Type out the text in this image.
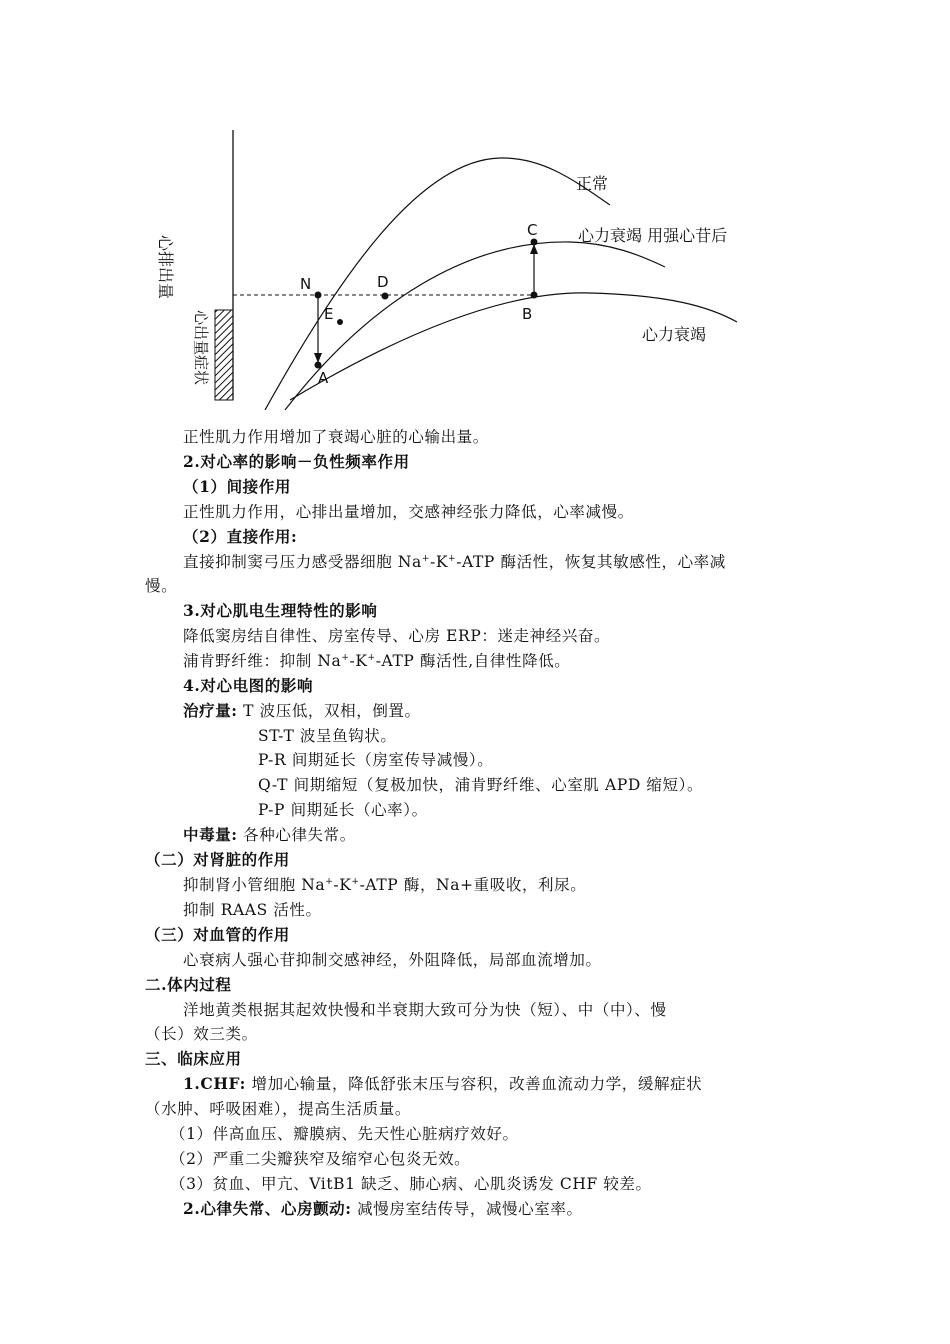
N	D
E
C
B
A
正常
心力衰竭 用强心苷后
心力衰竭
心排出量
心出量症状
正性肌力作用增加了衰竭心脏的心输出量。
2.对心率的影响－负性频率作用
（1）间接作用
正性肌力作用，心排出量增加，交感神经张力降低，心率减慢。
（2）直接作用:
直接抑制窦弓压力感受器细胞 Na+-K+-ATP 酶活性，恢复其敏感性，心率减
慢。
3.对心肌电生理特性的影响
降低窦房结自律性、房室传导、心房 ERP：迷走神经兴奋。
浦肯野纤维：抑制 Na+-K+-ATP 酶活性,自律性降低。
4.对心电图的影响
治疗量: T 波压低，双相，倒置。
ST-T 波呈鱼钩状。
P-R 间期延长（房室传导减慢）。
Q-T 间期缩短（复极加快，浦肯野纤维、心室肌 APD 缩短）。
P-P 间期延长（心率）。
中毒量: 各种心律失常。
（二）对肾脏的作用
抑制肾小管细胞 Na+-K+-ATP 酶，Na+重吸收，利尿。
抑制 RAAS 活性。
（三）对血管的作用
心衰病人强心苷抑制交感神经，外阻降低，局部血流增加。
二.体内过程
洋地黄类根据其起效快慢和半衰期大致可分为快（短）、中（中）、慢
（长）效三类。
三、临床应用
1.CHF: 增加心输量，降低舒张末压与容积，改善血流动力学，缓解症状
（水肿、呼吸困难），提高生活质量。
（1）伴高血压、瓣膜病、先天性心脏病疗效好。
（2）严重二尖瓣狭窄及缩窄心包炎无效。
（3）贫血、甲亢、VitB1 缺乏、肺心病、心肌炎诱发 CHF 较差。
2.心律失常、心房颤动: 减慢房室结传导，减慢心室率。
